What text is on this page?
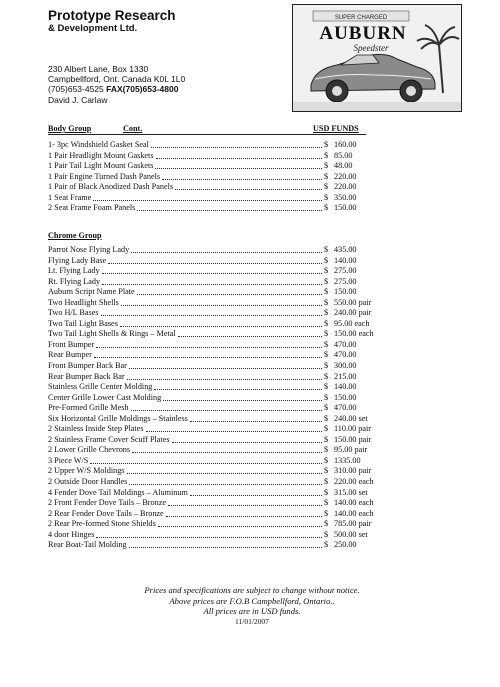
Prototype Research
& Development Ltd.
230 Albert Lane, Box 1330
Campbellford, Ont. Canada K0L 1L0
(705)653-4525 FAX(705)653-4800
David J. Carlaw
SUPER CHARGED
AUBURN
Speedster
Body Group	Cont.	USD FUNDS
1- 3pc Windshield Gasket Seal	$ 160.00
1 Pair Headlight Mount Gaskets	$ 85.00
1 Pair Tail Light Mount Gaskets	$ 48.00
1 Pair Engine Turned Dash Panels	$ 220.00
1 Pair of Black Anodized Dash Panels	$ 220.00
1 Seat Frame	$ 350.00
2 Seat Frame Foam Panels	$ 150.00
Chrome Group
Parrot Nose Flying Lady	$ 435.00
Flying Lady Base	$ 140.00
Lt. Flying Lady	$ 275.00
Rt. Flying Lady	$ 275.00
Auburn Script Name Plate	$ 150.00
Two Headlight Shells	$ 550.00 pair
Two H/L Bases	$ 240.00 pair
Two Tail Light Bases	$ 95.00 each
Two Tail Light Shells & Rings – Metal	$ 150.00 each
Front Bumper	$ 470.00
Rear Bumper	$ 470.00
Front Bumper Back Bar	$ 300.00
Rear Bumper Back Bar	$ 215.00
Stainless Grille Center Molding	$ 140.00
Center Grille Lower Cast Molding	$ 150.00
Pre-Formed Grille Mesh	$ 470.00
Six Horizontal Grille Moldings – Stainless	$ 240.00 set
2 Stainless Inside Step Plates	$ 110.00 pair
2 Stainless Frame Cover Scuff Plates	$ 150.00 pair
2 Lower Grille Chevrons	$ 95.00 pair
3 Piece W/S	$ 1335.00
2 Upper W/S Moldings	$ 310.00 pair
2 Outside Door Handles	$ 220.00 each
4 Fender Dove Tail Moldings – Aluminum	$ 315.00 set
2 Front Fender Dove Tails – Bronze	$ 140.00 each
2 Rear Fender Dove Tails – Bronze	$ 140.00 each
2 Rear Pre-formed Stone Shields	$ 785.00 pair
4 door Hinges	$ 500.00 set
Rear Boat-Tail Molding	$ 250.00
Prices and specifications are subject to change without notice.
Above prices are F.O.B Campbellford, Ontario..
All prices are in USD funds.
11/01/2007
